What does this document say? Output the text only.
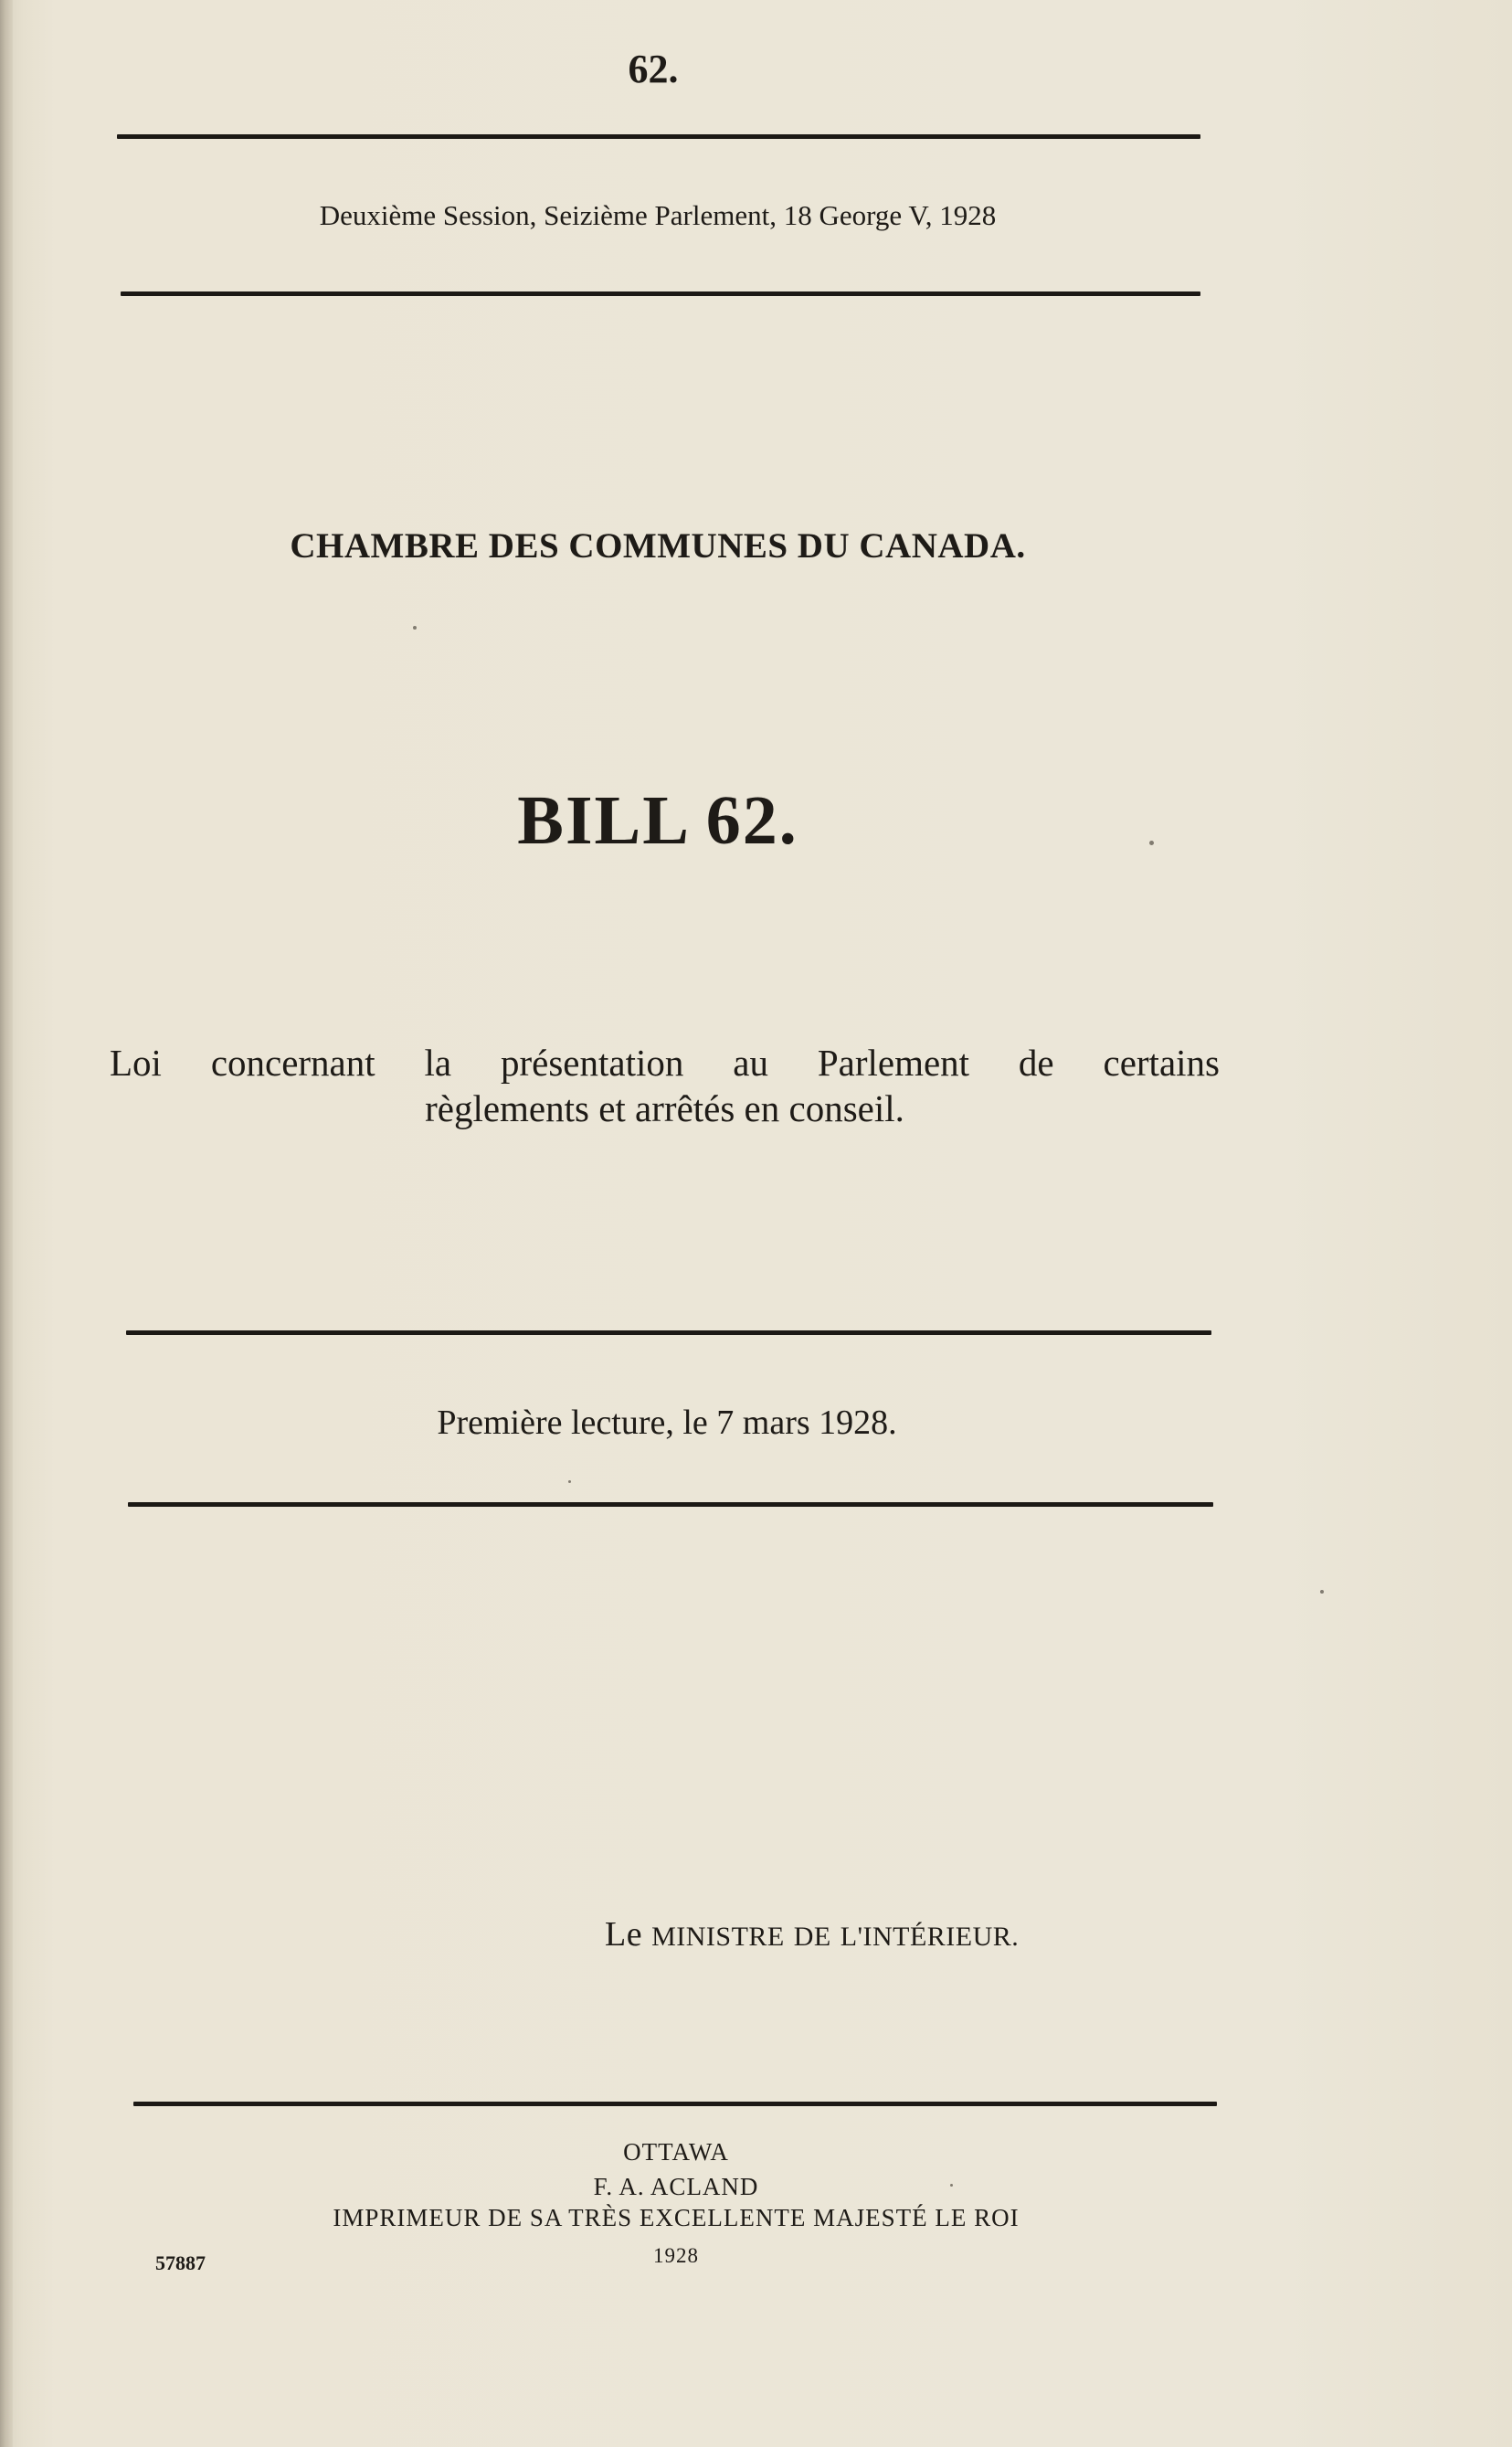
62.
Deuxième Session, Seizième Parlement, 18 George V, 1928
CHAMBRE DES COMMUNES DU CANADA.
BILL 62.
Loi concernant la présentation au Parlement de certains
règlements et arrêtés en conseil.
Première lecture, le 7 mars 1928.
Le MINISTRE DE L'INTÉRIEUR.
OTTAWA
F. A. ACLAND
IMPRIMEUR DE SA TRÈS EXCELLENTE MAJESTÉ LE ROI
1928
57887
